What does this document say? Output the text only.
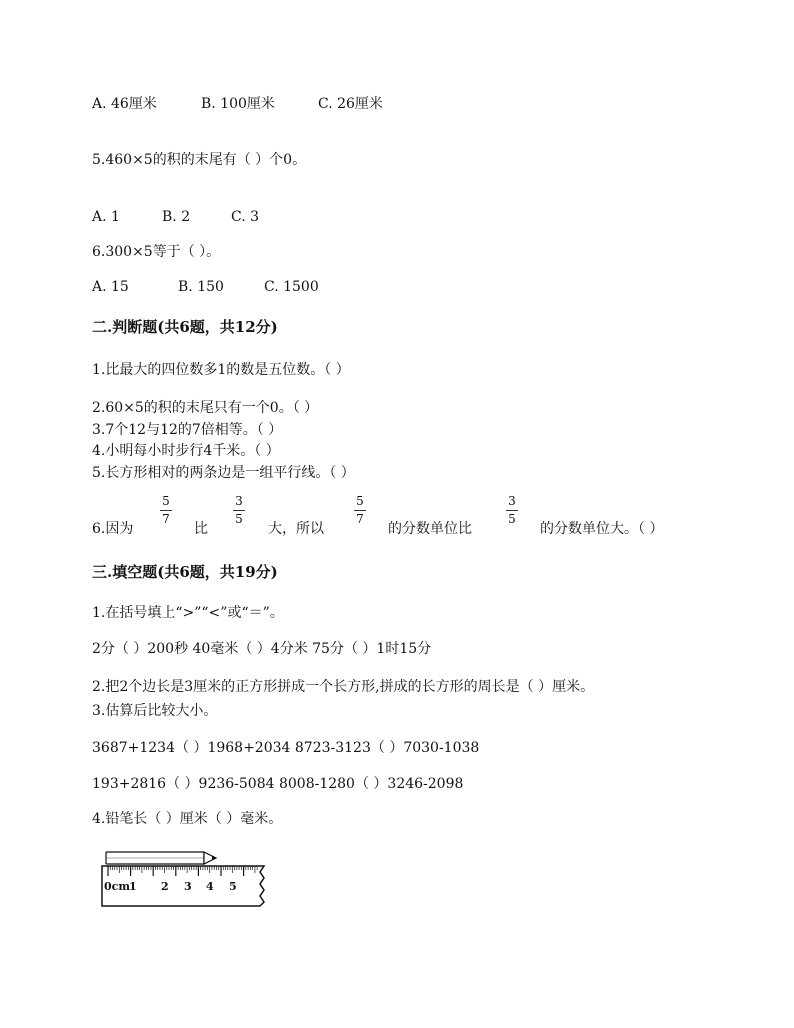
A. 46厘米	B. 100厘米	C. 26厘米
5.460×5的积的末尾有（ ）个0。
A. 1	B. 2	C. 3
6.300×5等于（ ）。
A. 15	B. 150	C. 1500
二.判断题(共6题，共12分)
1.比最大的四位数多1的数是五位数。（ ）
2.60×5的积的末尾只有一个0。（ ）
3.7个12与12的7倍相等。（ ）
4.小明每小时步行4千米。（ ）
5.长方形相对的两条边是一组平行线。（ ）
6.因为
5
7
比
3
5
大，所以
5
7
的分数单位比
3
5
的分数单位大。（ ）
三.填空题(共6题，共19分)
1.在括号填上“>”“<”或“＝”。
2分（ ）200秒 40毫米（ ）4分米 75分（ ）1时15分
2.把2个边长是3厘米的正方形拼成一个长方形,拼成的长方形的周长是（ ）厘米。
3.估算后比较大小。
3687+1234（ ）1968+2034 8723-3123（ ）7030-1038
193+2816（ ）9236-5084 8008-1280（ ）3246-2098
4.铅笔长（ ）厘米（ ）毫米。
0cm 1 2 3 4 5
